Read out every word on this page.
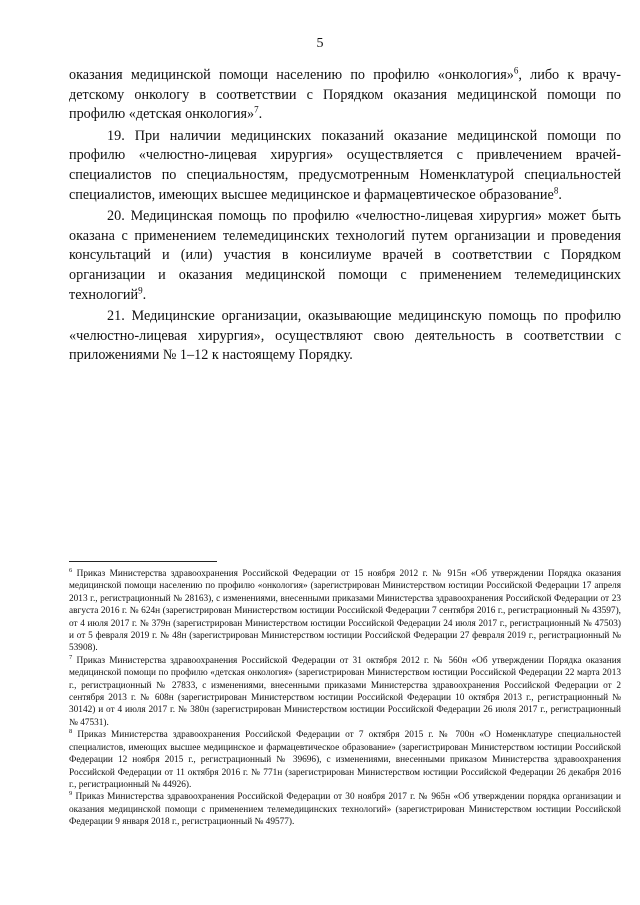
5

оказания медицинской помощи населению по профилю «онкология»$^6$, либо к врачу-детскому онкологу в соответствии с Порядком оказания медицинской помощи по профилю «детская онкология»$^7$.

19. При наличии медицинских показаний оказание медицинской помощи по профилю «челюстно-лицевая хирургия» осуществляется с привлечением врачей-специалистов по специальностям, предусмотренным Номенклатурой специальностей специалистов, имеющих высшее медицинское и фармацевтическое образование$^8$.

20. Медицинская помощь по профилю «челюстно-лицевая хирургия» может быть оказана с применением телемедицинских технологий путем организации и проведения консультаций и (или) участия в консилиуме врачей в соответствии с Порядком организации и оказания медицинской помощи с применением телемедицинских технологий$^9$.

21. Медицинские организации, оказывающие медицинскую помощь по профилю «челюстно-лицевая хирургия», осуществляют свою деятельность в соответствии с приложениями № 1–12 к настоящему Порядку.

$^6$ Приказ Министерства здравоохранения Российской Федерации от 15 ноября 2012 г. № 915н «Об утверждении Порядка оказания медицинской помощи населению по профилю «онкология» (зарегистрирован Министерством юстиции Российской Федерации 17 апреля 2013 г., регистрационный № 28163), с изменениями, внесенными приказами Министерства здравоохранения Российской Федерации от 23 августа 2016 г. № 624н (зарегистрирован Министерством юстиции Российской Федерации 7 сентября 2016 г., регистрационный № 43597), от 4 июля 2017 г. № 379н (зарегистрирован Министерством юстиции Российской Федерации 24 июля 2017 г., регистрационный № 47503) и от 5 февраля 2019 г. № 48н (зарегистрирован Министерством юстиции Российской Федерации 27 февраля 2019 г., регистрационный № 53908).

$^7$ Приказ Министерства здравоохранения Российской Федерации от 31 октября 2012 г. № 560н «Об утверждении Порядка оказания медицинской помощи по профилю «детская онкология» (зарегистрирован Министерством юстиции Российской Федерации 22 марта 2013 г., регистрационный № 27833, с изменениями, внесенными приказами Министерства здравоохранения Российской Федерации от 2 сентября 2013 г. № 608н (зарегистрирован Министерством юстиции Российской Федерации 10 октября 2013 г., регистрационный № 30142) и от 4 июля 2017 г. № 380н (зарегистрирован Министерством юстиции Российской Федерации 26 июля 2017 г., регистрационный № 47531).

$^8$ Приказ Министерства здравоохранения Российской Федерации от 7 октября 2015 г. № 700н «О Номенклатуре специальностей специалистов, имеющих высшее медицинское и фармацевтическое образование» (зарегистрирован Министерством юстиции Российской Федерации 12 ноября 2015 г., регистрационный № 39696), с изменениями, внесенными приказом Министерства здравоохранения Российской Федерации от 11 октября 2016 г. № 771н (зарегистрирован Министерством юстиции Российской Федерации 26 декабря 2016 г., регистрационный № 44926).

$^9$ Приказ Министерства здравоохранения Российской Федерации от 30 ноября 2017 г. № 965н «Об утверждении порядка организации и оказания медицинской помощи с применением телемедицинских технологий» (зарегистрирован Министерством юстиции Российской Федерации 9 января 2018 г., регистрационный № 49577).
